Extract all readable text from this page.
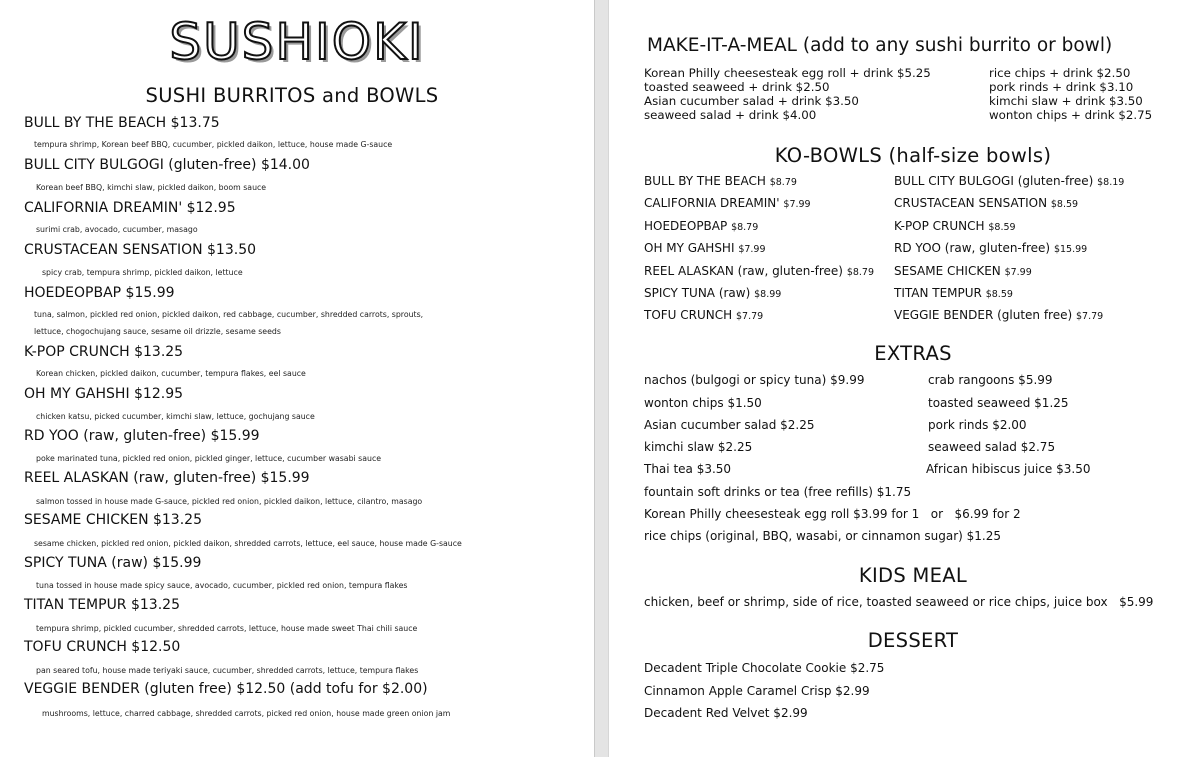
SUSHIOKI
SUSHI BURRITOS and BOWLS
BULL BY THE BEACH $13.75
tempura shrimp, Korean beef BBQ, cucumber, pickled daikon, lettuce, house made G-sauce
BULL CITY BULGOGI (gluten-free) $14.00
Korean beef BBQ, kimchi slaw, pickled daikon, boom sauce
CALIFORNIA DREAMIN' $12.95
surimi crab, avocado, cucumber, masago
CRUSTACEAN SENSATION $13.50
spicy crab, tempura shrimp, pickled daikon, lettuce
HOEDEOPBAP $15.99
tuna, salmon, pickled red onion, pickled daikon, red cabbage, cucumber, shredded carrots, sprouts,
lettuce, chogochujang sauce, sesame oil drizzle, sesame seeds
K-POP CRUNCH $13.25
Korean chicken, pickled daikon, cucumber, tempura flakes, eel sauce
OH MY GAHSHI $12.95
chicken katsu, picked cucumber, kimchi slaw, lettuce, gochujang sauce
RD YOO (raw, gluten-free) $15.99
poke marinated tuna, pickled red onion, pickled ginger, lettuce, cucumber wasabi sauce
REEL ALASKAN (raw, gluten-free) $15.99
salmon tossed in house made G-sauce, pickled red onion, pickled daikon, lettuce, cilantro, masago
SESAME CHICKEN $13.25
sesame chicken, pickled red onion, pickled daikon, shredded carrots, lettuce, eel sauce, house made G-sauce
SPICY TUNA (raw) $15.99
tuna tossed in house made spicy sauce, avocado, cucumber, pickled red onion, tempura flakes
TITAN TEMPUR $13.25
tempura shrimp, pickled cucumber, shredded carrots, lettuce, house made sweet Thai chili sauce
TOFU CRUNCH $12.50
pan seared tofu, house made teriyaki sauce, cucumber, shredded carrots, lettuce, tempura flakes
VEGGIE BENDER (gluten free) $12.50 (add tofu for $2.00)
mushrooms, lettuce, charred cabbage, shredded carrots, picked red onion, house made green onion jam
MAKE-IT-A-MEAL (add to any sushi burrito or bowl)
Korean Philly cheesesteak egg roll + drink $5.25
toasted seaweed + drink $2.50
Asian cucumber salad + drink $3.50
seaweed salad + drink $4.00
rice chips + drink $2.50
pork rinds + drink $3.10
kimchi slaw + drink $3.50
wonton chips + drink $2.75
KO-BOWLS (half-size bowls)
BULL BY THE BEACH $8.79
CALIFORNIA DREAMIN' $7.99
HOEDEOPBAP $8.79
OH MY GAHSHI $7.99
REEL ALASKAN (raw, gluten-free) $8.79
SPICY TUNA (raw) $8.99
TOFU CRUNCH $7.79
BULL CITY BULGOGI (gluten-free) $8.19
CRUSTACEAN SENSATION $8.59
K-POP CRUNCH $8.59
RD YOO (raw, gluten-free) $15.99
SESAME CHICKEN $7.99
TITAN TEMPUR $8.59
VEGGIE BENDER (gluten free) $7.79
EXTRAS
nachos (bulgogi or spicy tuna) $9.99
wonton chips $1.50
Asian cucumber salad $2.25
kimchi slaw $2.25
Thai tea $3.50
crab rangoons $5.99
toasted seaweed $1.25
pork rinds $2.00
seaweed salad $2.75
African hibiscus juice $3.50
fountain soft drinks or tea (free refills) $1.75
Korean Philly cheesesteak egg roll $3.99 for 1   or   $6.99 for 2
rice chips (original, BBQ, wasabi, or cinnamon sugar) $1.25
KIDS MEAL
chicken, beef or shrimp, side of rice, toasted seaweed or rice chips, juice box   $5.99
DESSERT
Decadent Triple Chocolate Cookie $2.75
Cinnamon Apple Caramel Crisp $2.99
Decadent Red Velvet $2.99
